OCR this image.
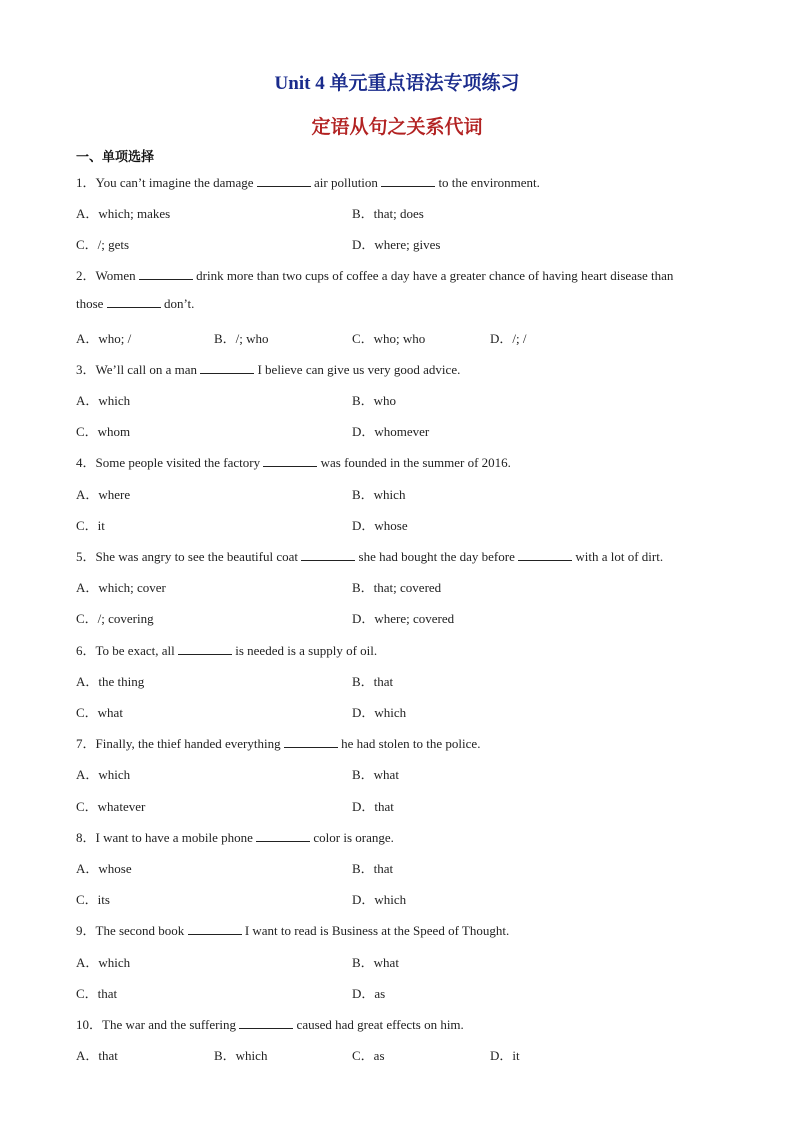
Unit 4 单元重点语法专项练习
定语从句之关系代词
一、单项选择
1．You can’t imagine the damage	air pollution	to the environment.
A．which; makes	B．that; does
C．/; gets	D．where; gives
2．Women	drink more than two cups of coffee a day have a greater chance of having heart disease than
those	don’t.
A．who; /	B．/; who	C．who; who	D．/; /
3．We’ll call on a man	I believe can give us very good advice.
A．which	B．who
C．whom	D．whomever
4．Some people visited the factory	was founded in the summer of 2016.
A．where	B．which
C．it	D．whose
5．She was angry to see the beautiful coat	she had bought the day before	with a lot of dirt.
A．which; cover	B．that; covered
C．/; covering	D．where; covered
6．To be exact, all	is needed is a supply of oil.
A．the thing	B．that
C．what	D．which
7．Finally, the thief handed everything	he had stolen to the police.
A．which	B．what
C．whatever	D．that
8．I want to have a mobile phone	color is orange.
A．whose	B．that
C．its	D．which
9．The second book	I want to read is Business at the Speed of Thought.
A．which	B．what
C．that	D．as
10．The war and the suffering	caused had great effects on him.
A．that	B．which	C．as	D．it
